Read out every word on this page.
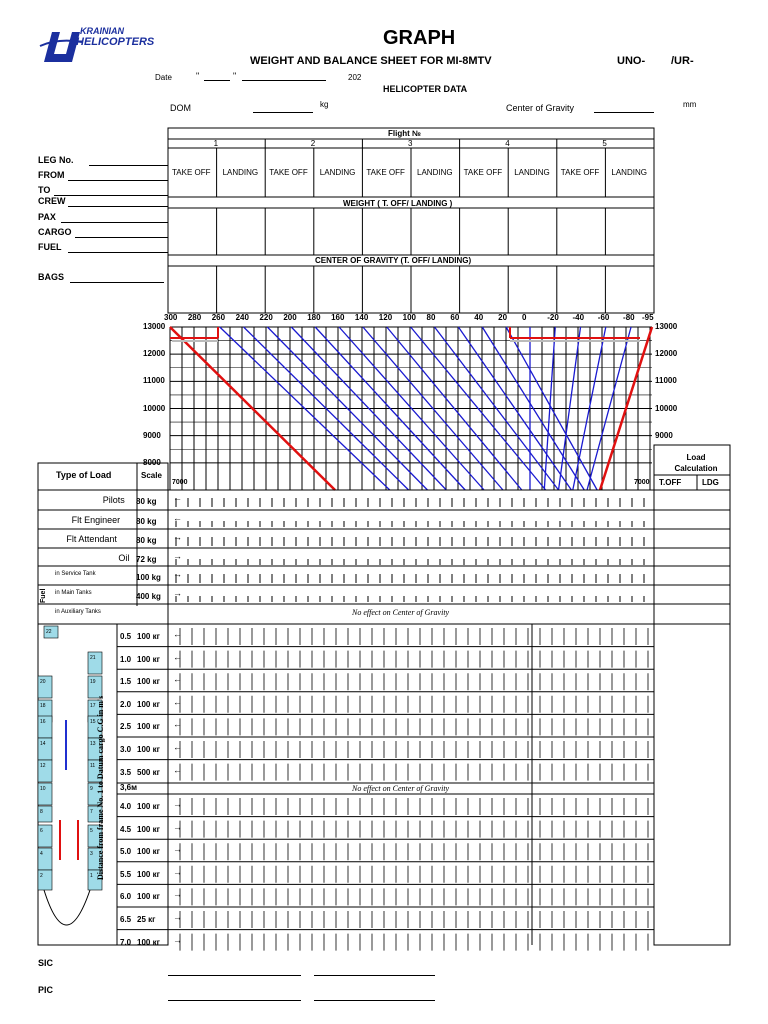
KRAINIAN
HELICOPTERS	GRAPH
WEIGHT AND BALANCE SHEET FOR MI-8MTV	UNO- /UR-
Date	"	"	202
HELICOPTER DATA
DOM	kg	Center of Gravity	mm
LEG No.
FROM
TO
CREW
PAX
CARGO
FUEL
BAGS
Flight №
1
TAKE OFF LANDING
2
TAKE OFF LANDING
3
TAKE OFF LANDING
4
TAKE OFF LANDING
5
TAKE OFF LANDING
WEIGHT ( T. OFF/ LANDING )
CENTER OF GRAVITY (T. OFF/ LANDING)
300 280 260 240 220 200 180 160 140 120 100 80 60 40 20 0	-20 -40 -60 -80 -95
13000
12000
11000
10000
9000
8000
13000
12000
11000
10000
9000
7000	7000
Type of Load	Scale
Load Calculation
T.OFF	LDG
Pilots 80 kg ←
Flt Engineer 80 kg ←
Flt Attendant 80 kg →
Oil 72 kg →
in Service Tank	100 kg →
in Main Tanks	400 kg →
in Auxiliary Tanks
Fuel
No effect on Center of Gravity
0.5 100 кг ←
1.0 100 кг ←
1.5 100 кг ←
2.0 100 кг ←
2.5 100 кг ←
3.0 100 кг ←
3.5 500 кг ←
3,6м
4.0 100 кг →
4.5 100 кг →
5.0 100 кг →
5.5 100 кг →
6.0 100 кг →
6.5 25 кг →
7.0 100 кг →
No effect on Center of Gravity
Distance from frame No. 1 to Datum cargo C.G in m's
22
21
20	19
18	17
16	15
14	13
12	11
10	9
8	7
6	5
4	3
2	1
SIC
PIC
